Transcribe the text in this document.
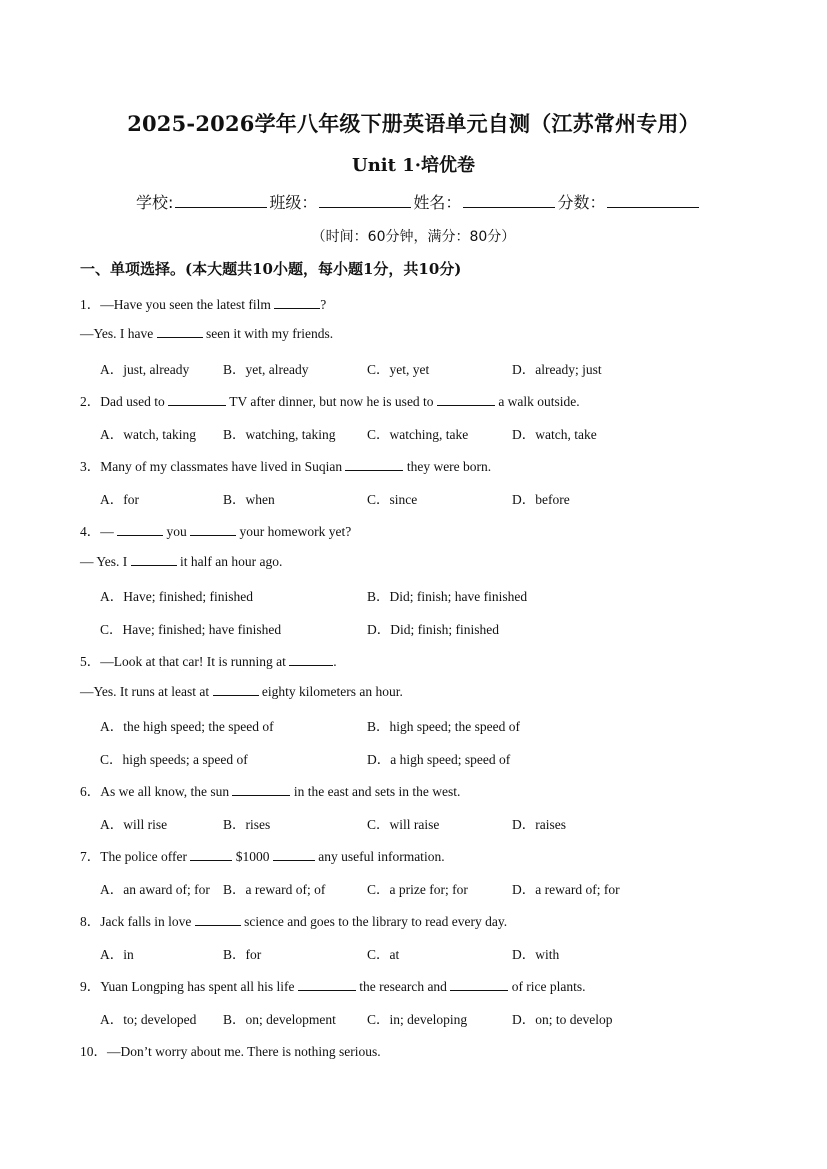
2025-2026学年八年级下册英语单元自测（江苏常州专用）
Unit 1·培优卷
学校:	班级：	姓名：	分数：
（时间：60分钟，满分：80分）
一、单项选择。(本大题共10小题，每小题1分，共10分)
1．—Have you seen the latest film	?
—Yes. I have	seen it with my friends.
A．just, already	B．yet, already	C．yet, yet	D．already; just
2．Dad used to	TV after dinner, but now he is used to	a walk outside.
A．watch, taking B．watching, taking C．watching, take	D．watch, take
3．Many of my classmates have lived in Suqian	they were born.
A．for	B．when	C．since	D．before
4．—	you	your homework yet?
— Yes. I	it half an hour ago.
A．Have; finished; finished	B．Did; finish; have finished
C．Have; finished; have finished	D．Did; finish; finished
5．—Look at that car! It is running at	.
—Yes. It runs at least at	eighty kilometers an hour.
A．the high speed; the speed of	B．high speed; the speed of
C．high speeds; a speed of	D．a high speed; speed of
6．As we all know, the sun	in the east and sets in the west.
A．will rise	B．rises	C．will raise	D．raises
7．The police offer	$1000	any useful information.
A．an award of; for B．a reward of; of	C．a prize for; for	D．a reward of; for
8．Jack falls in love	science and goes to the library to read every day.
A．in	B．for	C．at	D．with
9．Yuan Longping has spent all his life	the research and	of rice plants.
A．to; developed B．on; development C．in; developing	D．on; to develop
10．—Don’t worry about me. There is nothing serious.
